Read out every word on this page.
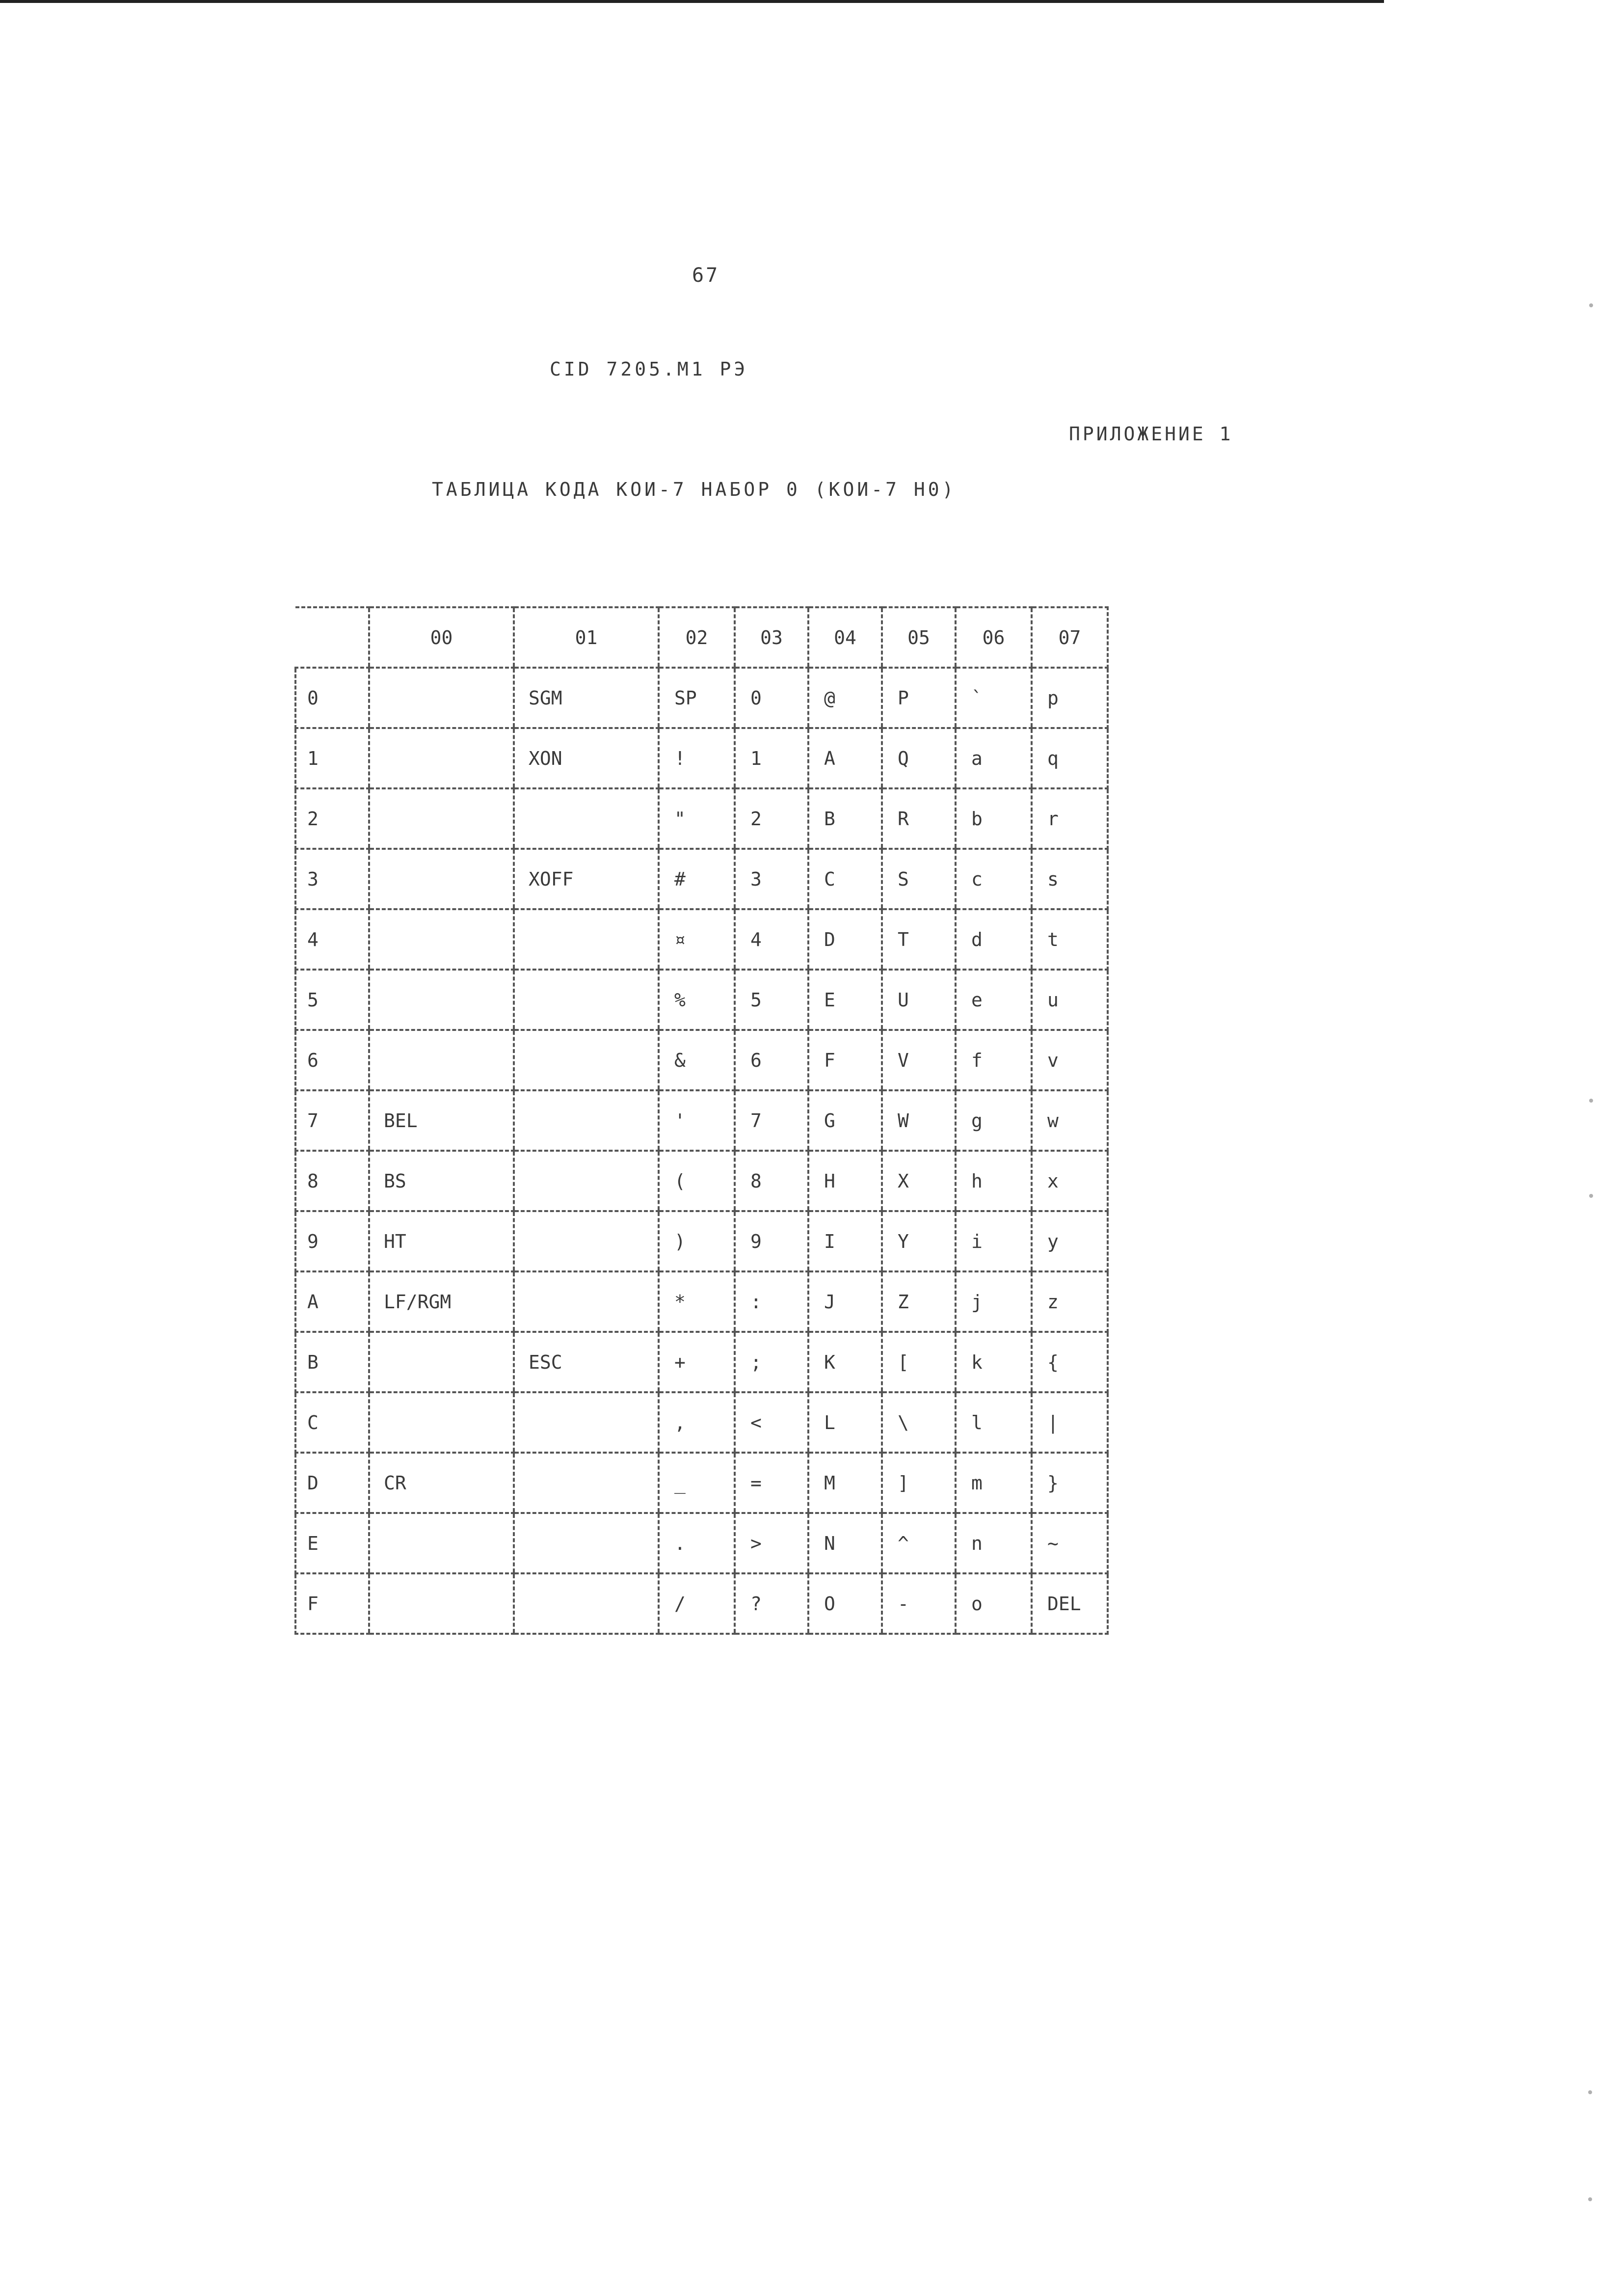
67
CID 7205.M1 РЭ
ПРИЛОЖЕНИЕ 1
ТАБЛИЦА КОДА КОИ-7 НАБОР 0 (КОИ-7 Н0)
	00	01	02	03	04	05	06	07
0		SGM	SP	0	@	P	`	p
1		XON	!	1	A	Q	a	q
2			"	2	B	R	b	r
3		XOFF	#	3	C	S	c	s
4			¤	4	D	T	d	t
5			%	5	E	U	e	u
6			&	6	F	V	f	v
7	BEL		'	7	G	W	g	w
8	BS		(	8	H	X	h	x
9	HT		)	9	I	Y	i	y
A	LF/RGM		*	:	J	Z	j	z
B		ESC	+	;	K	[	k	{
C			,	<	L	\	l	|
D	CR		_	=	M	]	m	}
E			.	>	N	^	n	~
F			/	?	O	-	o	DEL
